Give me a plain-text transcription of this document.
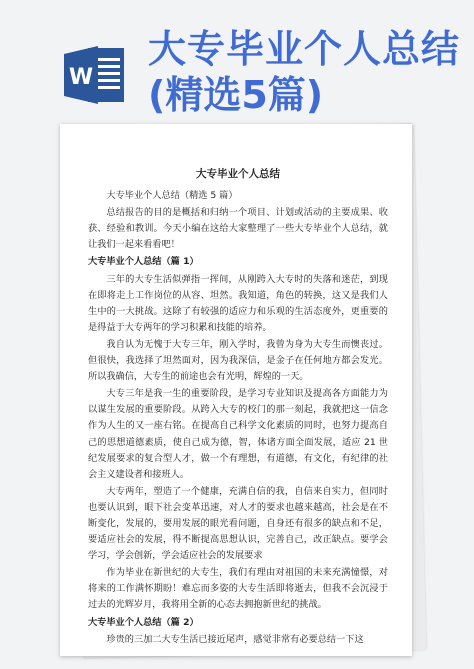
W
大专毕业个人总结
(精选5篇)
大专毕业个人总结

大专毕业个人总结（精选 5 篇）

总结报告的目的是概括和归纳一个项目、计划或活动的主要成果、收获、经验和教训。今天小编在这给大家整理了一些大专毕业个人总结，就让我们一起来看看吧！

大专毕业个人总结（篇 1）

三年的大专生活似弹指一挥间，从刚跨入大专时的失落和迷茫，到现在即将走上工作岗位的从容、坦然。我知道，角色的转换，这又是我们人生中的一大挑战。这除了有较强的适应力和乐观的生活态度外，更重要的是得益于大专两年的学习积累和技能的培养。

我自认为无愧于大专三年，刚入学时，我曾为身为大专生而懊丧过。但很快，我选择了坦然面对，因为我深信，是金子在任何地方都会发光。所以我确信，大专生的前途也会有光明，辉煌的一天。

大专三年是我一生的重要阶段，是学习专业知识及提高各方面能力为以谋生发展的重要阶段。从跨入大专的校门的那一刻起，我就把这一信念作为人生的又一座右铭。在提高自己科学文化素质的同时，也努力提高自己的思想道德素质，使自己成为德，智，体诸方面全面发展，适应 21 世纪发展要求的复合型人才，做一个有理想，有道德，有文化，有纪律的社会主义建设者和接班人。

大专两年，塑造了一个健康，充满自信的我，自信来自实力，但同时也要认识到，眼下社会变革迅速，对人才的要求也越来越高，社会是在不断变化，发展的，要用发展的眼光看问题，自身还有很多的缺点和不足，要适应社会的发展，得不断提高思想认识，完善自己，改正缺点。要学会学习，学会创新，学会适应社会的发展要求

作为毕业在新世纪的大专生，我们有理由对祖国的未来充满憧憬，对将来的工作满怀期盼！难忘而多姿的大专生活即将逝去，但我不会沉浸于过去的光辉岁月，我将用全新的心态去拥抱新世纪的挑战。

大专毕业个人总结（篇 2）

珍贵的三加二大专生活已接近尾声，感觉非常有必要总结一下这
